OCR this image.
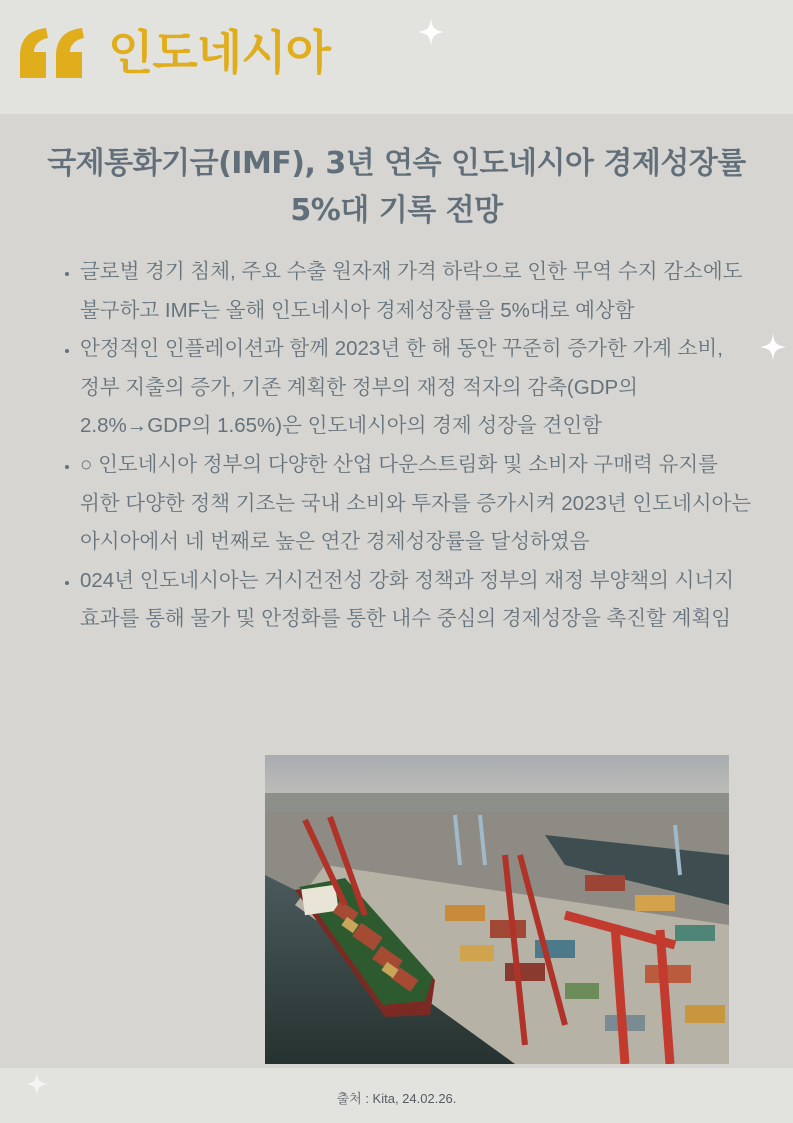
인도네시아
국제통화기금(IMF), 3년 연속 인도네시아 경제성장률 5%대 기록 전망
• 글로벌 경기 침체, 주요 수출 원자재 가격 하락으로 인한 무역 수지 감소에도 불구하고 IMF는 올해 인도네시아 경제성장률을 5%대로 예상함
• 안정적인 인플레이션과 함께 2023년 한 해 동안 꾸준히 증가한 가계 소비, 정부 지출의 증가, 기존 계획한 정부의 재정 적자의 감축(GDP의 2.8%→GDP의 1.65%)은 인도네시아의 경제 성장을 견인함
• ○ 인도네시아 정부의 다양한 산업 다운스트림화 및 소비자 구매력 유지를 위한 다양한 정책 기조는 국내 소비와 투자를 증가시켜 2023년 인도네시아는 아시아에서 네 번째로 높은 연간 경제성장률을 달성하였음
• 024년 인도네시아는 거시건전성 강화 정책과 정부의 재정 부양책의 시너지 효과를 통해 물가 및 안정화를 통한 내수 중심의 경제성장을 촉진할 계획임
출처 : Kita, 24.02.26.
